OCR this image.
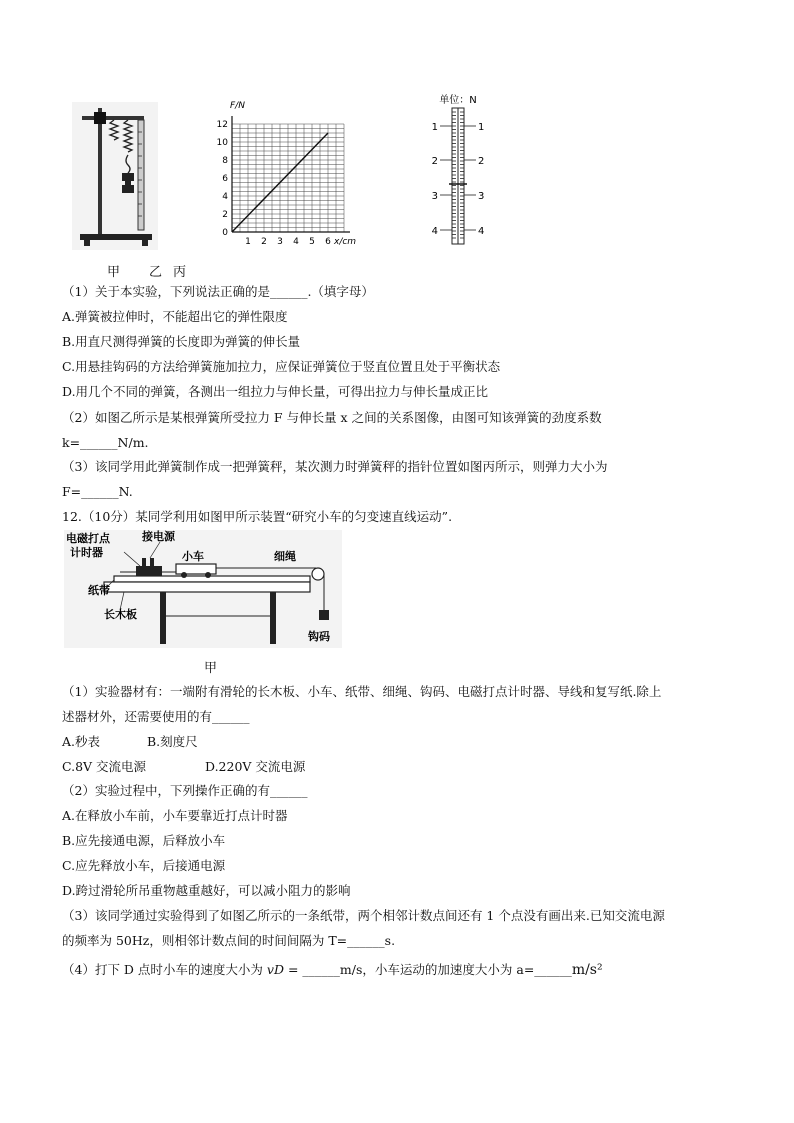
F/N
x/cm
0
2
4
6
8
10
12
1 2 3 4 5 6
单位：N
1
2
3
4
1
2
3
4
甲 乙 丙
（1）关于本实验，下列说法正确的是______.（填字母）
A.弹簧被拉伸时，不能超出它的弹性限度
B.用直尺测得弹簧的长度即为弹簧的伸长量
C.用悬挂钩码的方法给弹簧施加拉力，应保证弹簧位于竖直位置且处于平衡状态
D.用几个不同的弹簧，各测出一组拉力与伸长量，可得出拉力与伸长量成正比
（2）如图乙所示是某根弹簧所受拉力 F 与伸长量 x 之间的关系图像，由图可知该弹簧的劲度系数
k=______N/m.
（3）该同学用此弹簧制作成一把弹簧秤，某次测力时弹簧秤的指针位置如图丙所示，则弹力大小为
F=______N.
12.（10分）某同学利用如图甲所示装置“研究小车的匀变速直线运动”.
电磁打点
计时器
接电源
小车	细绳
纸带
长木板
钩码
甲
（1）实验器材有：一端附有滑轮的长木板、小车、纸带、细绳、钩码、电磁打点计时器、导线和复写纸.除上
述器材外，还需要使用的有______
A.秒表	B.刻度尺
C.8V 交流电源	D.220V 交流电源
（2）实验过程中，下列操作正确的有______
A.在释放小车前，小车要靠近打点计时器
B.应先接通电源，后释放小车
C.应先释放小车，后接通电源
D.跨过滑轮所吊重物越重越好，可以减小阻力的影响
（3）该同学通过实验得到了如图乙所示的一条纸带，两个相邻计数点间还有 1 个点没有画出来.已知交流电源
的频率为 50Hz，则相邻计数点间的时间间隔为 T=______s.
（4）打下 D 点时小车的速度大小为 vD = ______m/s，小车运动的加速度大小为 a=______m/s²
